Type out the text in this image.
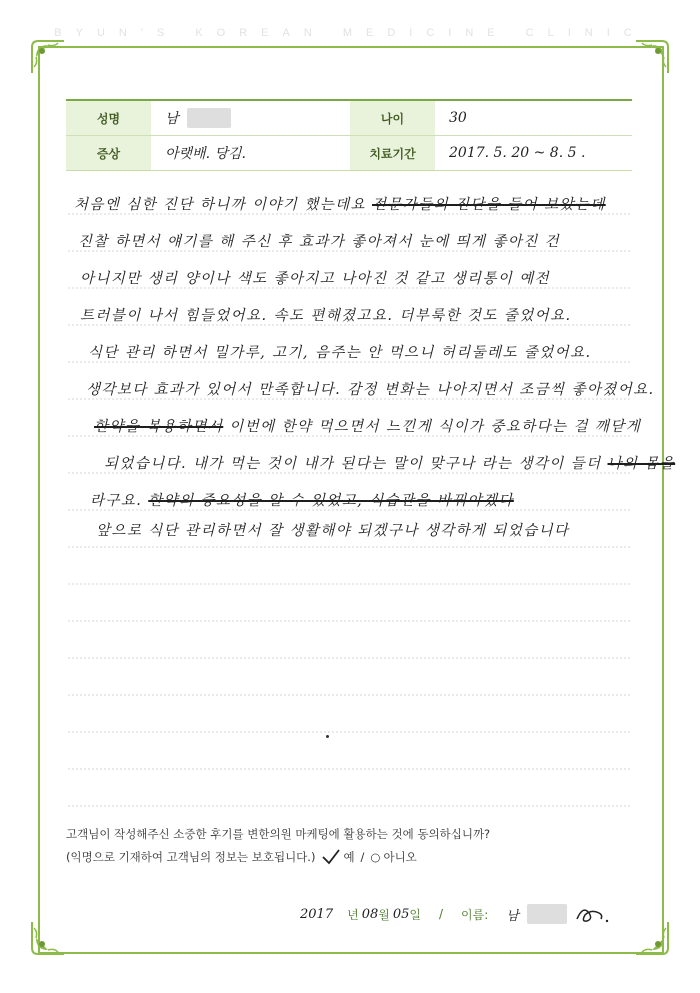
BYUN'S KOREAN MEDICINE CLINIC
성명	남	나이	30
증상	아랫배. 당김.	치료기간	2017. 5. 20 ~ 8. 5 .
처음엔 심한 진단 하니까 이야기 했는데요 전문가들의 진단을 들어 보았는데
진찰 하면서 얘기를 해 주신 후 효과가 좋아져서 눈에 띄게 좋아진 건
아니지만 생리 양이나 색도 좋아지고 나아진 것 같고 생리통이 예전
트러블이 나서 힘들었어요. 속도 편해졌고요. 더부룩한 것도 줄었어요.
식단 관리 하면서 밀가루, 고기, 음주는 안 먹으니 허리둘레도 줄었어요.
생각보다 효과가 있어서 만족합니다. 감정 변화는 나아지면서 조금씩 좋아졌어요.
한약을 복용하면서 이번에 한약 먹으면서 느낀게 식이가 중요하다는 걸 깨닫게
되었습니다. 내가 먹는 것이 내가 된다는 말이 맞구나 라는 생각이 들더 나의 몸을
라구요. 한약의 중요성을 알 수 있었고, 식습관을 바꿔야겠다
앞으로 식단 관리하면서 잘 생활해야 되겠구나 생각하게 되었습니다
고객님이 작성해주신 소중한 후기를 변한의원 마케팅에 활용하는 것에 동의하십니까?
(익명으로 기재하여 고객님의 정보는 보호됩니다.) 예 / ○ 아니오
2017 년 08 월 05 일 / 이름: 남
